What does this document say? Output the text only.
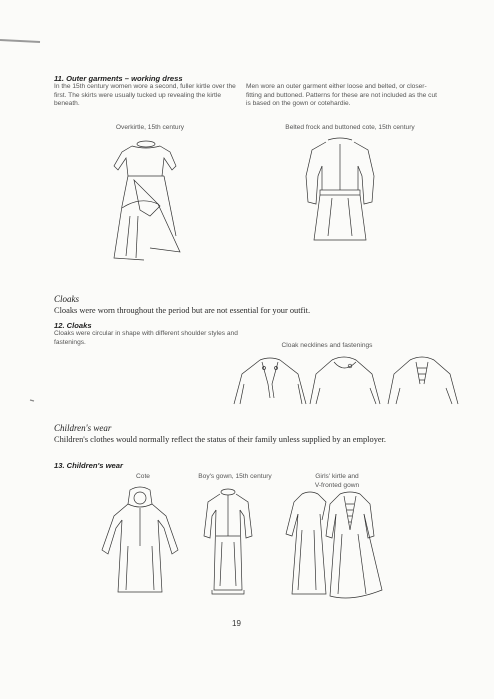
11. Outer garments – working dress
In the 15th century women wore a second, fuller kirtle over the first. The skirts were usually tucked up revealing the kirtle beneath.
Men wore an outer garment either loose and belted, or closer-fitting and buttoned. Patterns for these are not included as the cut is based on the gown or cotehardie.
Overkirtle, 15th century	Belted frock and buttoned cote, 15th century
Cloaks
Cloaks were worn throughout the period but are not essential for your outfit.
12. Cloaks
Cloaks were circular in shape with different shoulder styles and fastenings.	Cloak necklines and fastenings
Children's wear
Children's clothes would normally reflect the status of their family unless supplied by an employer.
13. Children's wear
Cote	Boy's gown, 15th century	Girls' kirtle and
V-fronted gown
19
